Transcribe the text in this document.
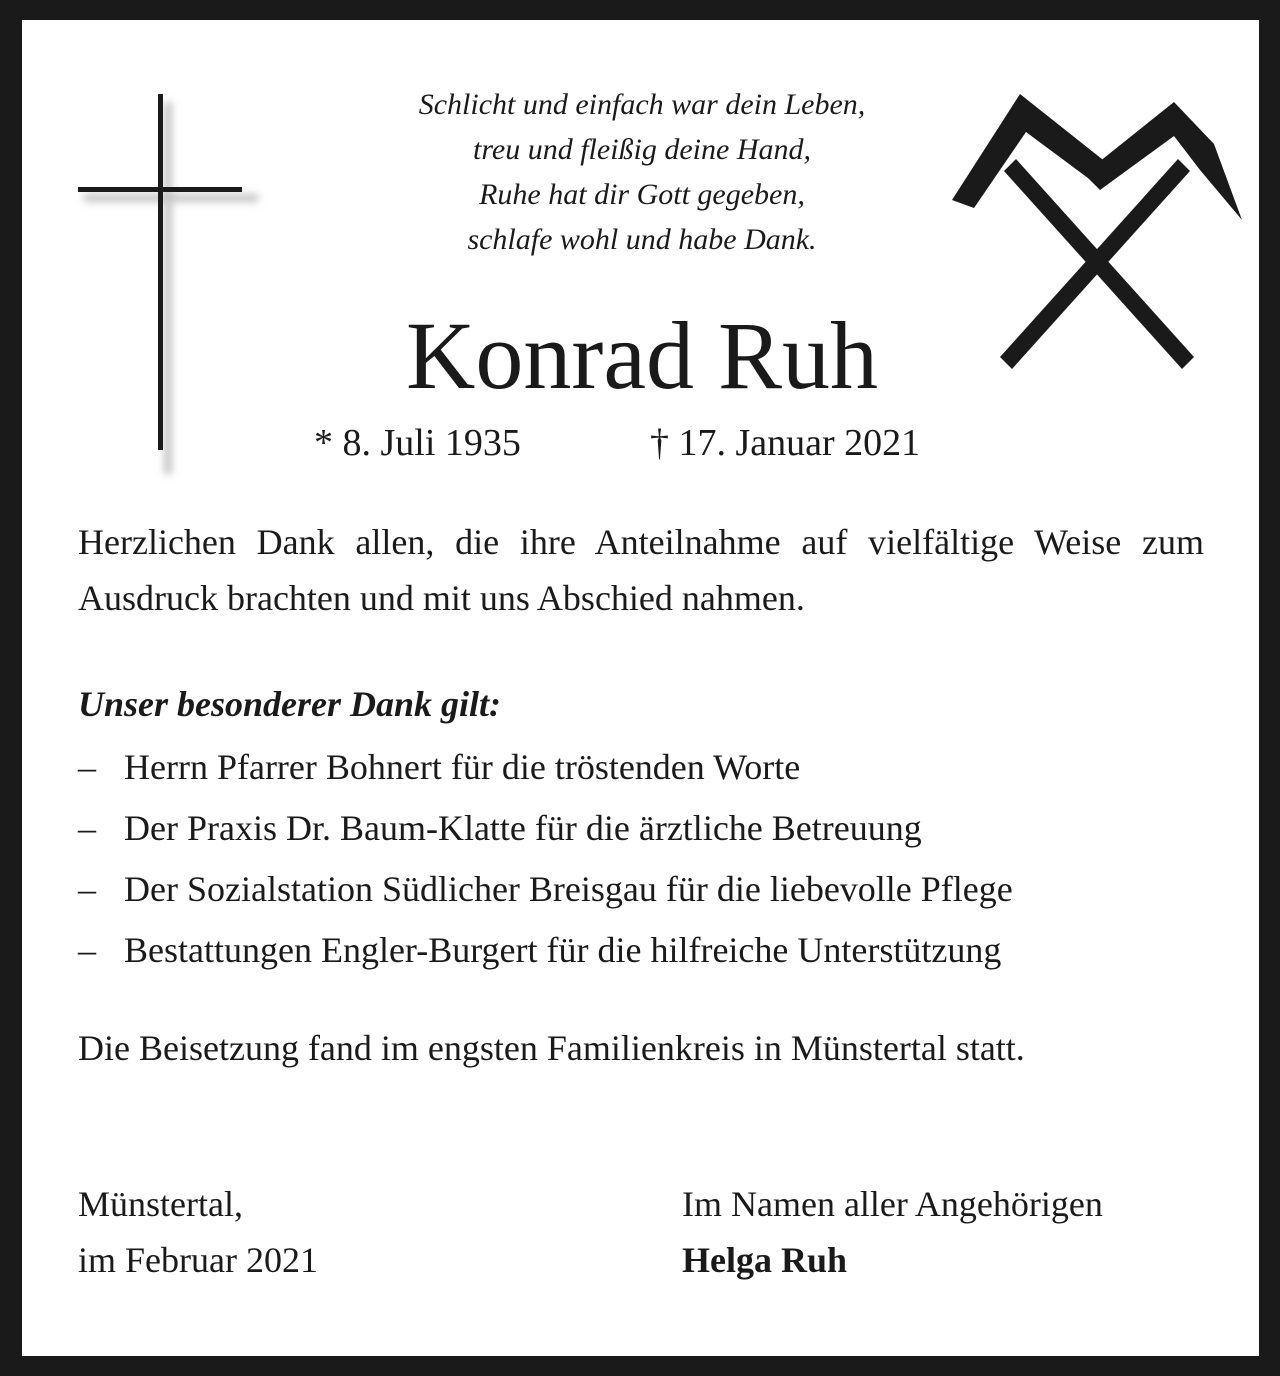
Schlicht und einfach war dein Leben,
treu und fleißig deine Hand,
Ruhe hat dir Gott gegeben,
schlafe wohl und habe Dank.
Konrad Ruh
* 8. Juli 1935	† 17. Januar 2021
Herzlichen Dank allen, die ihre Anteilnahme auf vielfältige Weise zum Ausdruck brachten und mit uns Abschied nahmen.
Unser besonderer Dank gilt:
– Herrn Pfarrer Bohnert für die tröstenden Worte
– Der Praxis Dr. Baum-Klatte für die ärztliche Betreuung
– Der Sozialstation Südlicher Breisgau für die liebevolle Pflege
– Bestattungen Engler-Burgert für die hilfreiche Unterstützung
Die Beisetzung fand im engsten Familienkreis in Münstertal statt.
Münstertal,
im Februar 2021
Im Namen aller Angehörigen
Helga Ruh
